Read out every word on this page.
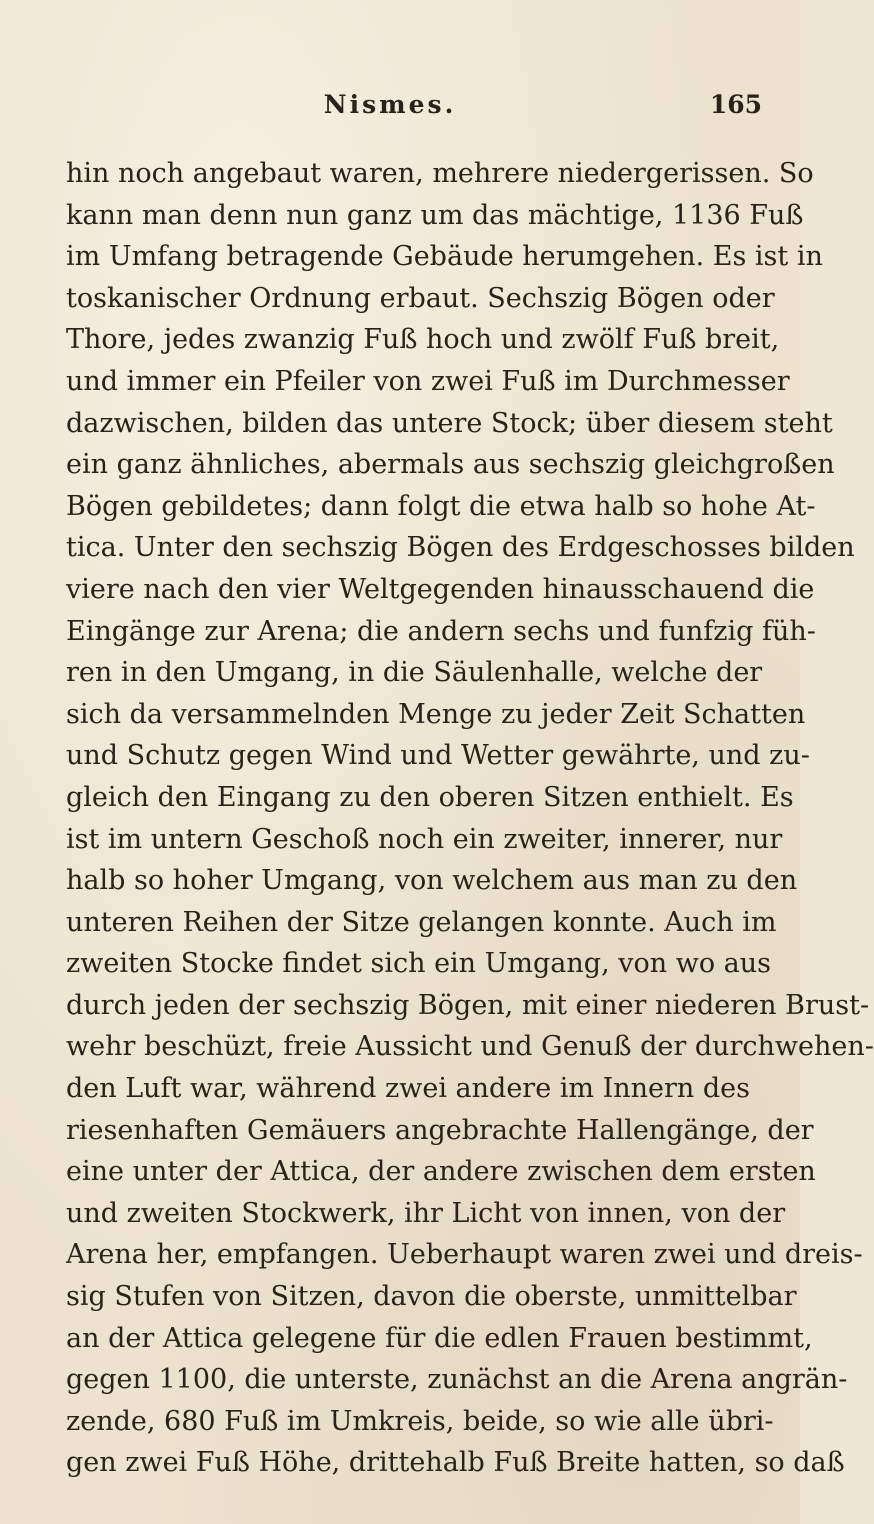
Nismes.	165
hin noch angebaut waren, mehrere niedergerissen. So
kann man denn nun ganz um das mächtige, 1136 Fuß
im Umfang betragende Gebäude herumgehen. Es ist in
toskanischer Ordnung erbaut. Sechszig Bögen oder
Thore, jedes zwanzig Fuß hoch und zwölf Fuß breit,
und immer ein Pfeiler von zwei Fuß im Durchmesser
dazwischen, bilden das untere Stock; über diesem steht
ein ganz ähnliches, abermals aus sechszig gleichgroßen
Bögen gebildetes; dann folgt die etwa halb so hohe At-
tica. Unter den sechszig Bögen des Erdgeschosses bilden
viere nach den vier Weltgegenden hinausschauend die
Eingänge zur Arena; die andern sechs und funfzig füh-
ren in den Umgang, in die Säulenhalle, welche der
sich da versammelnden Menge zu jeder Zeit Schatten
und Schutz gegen Wind und Wetter gewährte, und zu-
gleich den Eingang zu den oberen Sitzen enthielt. Es
ist im untern Geschoß noch ein zweiter, innerer, nur
halb so hoher Umgang, von welchem aus man zu den
unteren Reihen der Sitze gelangen konnte. Auch im
zweiten Stocke findet sich ein Umgang, von wo aus
durch jeden der sechszig Bögen, mit einer niederen Brust-
wehr beschüzt, freie Aussicht und Genuß der durchwehen-
den Luft war, während zwei andere im Innern des
riesenhaften Gemäuers angebrachte Hallengänge, der
eine unter der Attica, der andere zwischen dem ersten
und zweiten Stockwerk, ihr Licht von innen, von der
Arena her, empfangen. Ueberhaupt waren zwei und dreis-
sig Stufen von Sitzen, davon die oberste, unmittelbar
an der Attica gelegene für die edlen Frauen bestimmt,
gegen 1100, die unterste, zunächst an die Arena angrän-
zende, 680 Fuß im Umkreis, beide, so wie alle übri-
gen zwei Fuß Höhe, drittehalb Fuß Breite hatten, so daß
